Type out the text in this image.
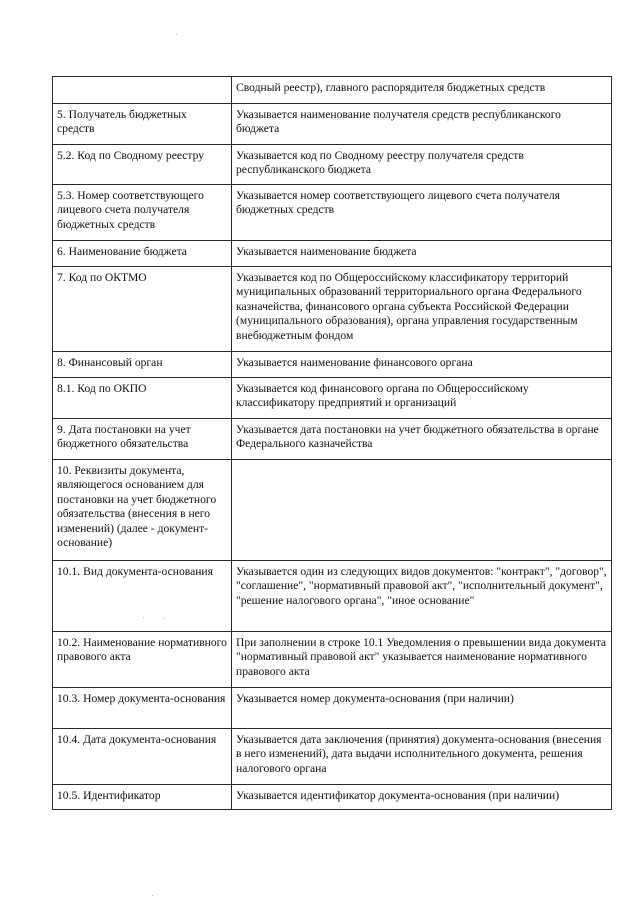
	Сводный реестр), главного распорядителя бюджетных средств
5. Получатель бюджетных средств	Указывается наименование получателя средств республиканского бюджета
5.2. Код по Сводному реестру	Указывается код по Сводному реестру получателя средств республиканского бюджета
5.3. Номер соответствующего лицевого счета получателя бюджетных средств	Указывается номер соответствующего лицевого счета получателя бюджетных средств
6. Наименование бюджета	Указывается наименование бюджета
7. Код по ОКТМО	Указывается код по Общероссийскому классификатору территорий муниципальных образований территориального органа Федерального казначейства, финансового органа субъекта Российской Федерации (муниципального образования), органа управления государственным внебюджетным фондом
8. Финансовый орган	Указывается наименование финансового органа
8.1. Код по ОКПО	Указывается код финансового органа по Общероссийскому классификатору предприятий и организаций
9. Дата постановки на учет бюджетного обязательства	Указывается дата постановки на учет бюджетного обязательства в органе Федерального казначейства
10. Реквизиты документа, являющегося основанием для постановки на учет бюджетного обязательства (внесения в него изменений) (далее - документ-основание)	
10.1. Вид документа-основания	Указывается один из следующих видов документов: "контракт", "договор", "соглашение", "нормативный правовой акт", "исполнительный документ", "решение налогового органа", "иное основание"
10.2. Наименование нормативного правового акта	При заполнении в строке 10.1 Уведомления о превышении вида документа "нормативный правовой акт" указывается наименование нормативного правового акта
10.3. Номер документа-основания	Указывается номер документа-основания (при наличии)
10.4. Дата документа-основания	Указывается дата заключения (принятия) документа-основания (внесения в него изменений), дата выдачи исполнительного документа, решения налогового органа
10.5. Идентификатор	Указывается идентификатор документа-основания (при наличии)
